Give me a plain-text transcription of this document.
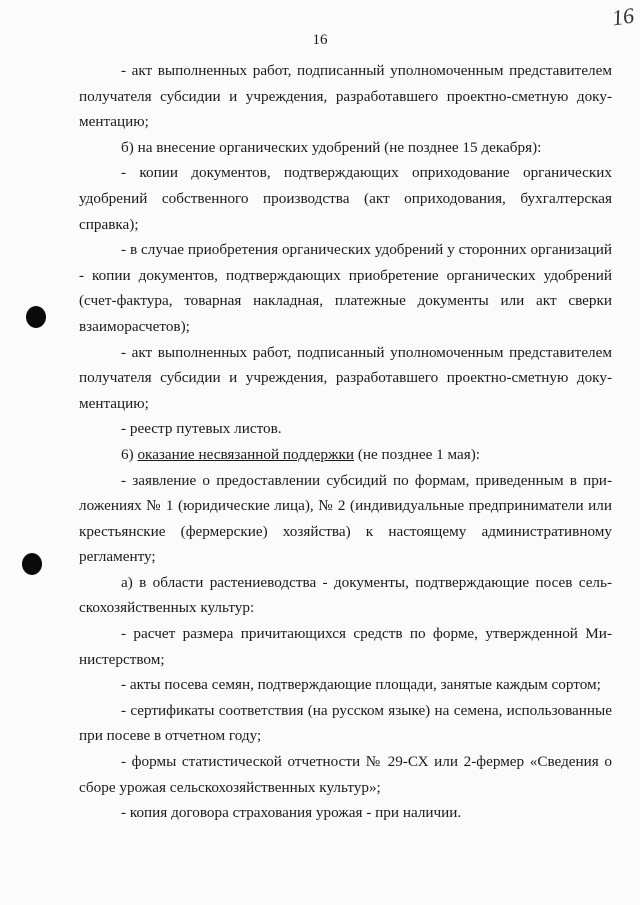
16
16

- акт выполненных работ, подписанный уполномоченным представителем получателя субсидии и учреждения, разработавшего проектно-сметную документацию;

б) на внесение органических удобрений (не позднее 15 декабря):

- копии документов, подтверждающих оприходование органических удобрений собственного производства (акт оприходования, бухгалтерская справка);

- в случае приобретения органических удобрений у сторонних организаций - копии документов, подтверждающих приобретение органических удобрений (счет-фактура, товарная накладная, платежные документы или акт сверки взаиморасчетов);

- акт выполненных работ, подписанный уполномоченным представителем получателя субсидии и учреждения, разработавшего проектно-сметную документацию;

- реестр путевых листов.

6) оказание несвязанной поддержки (не позднее 1 мая):

- заявление о предоставлении субсидий по формам, приведенным в приложениях № 1 (юридические лица), № 2 (индивидуальные предприниматели или крестьянские (фермерские) хозяйства) к настоящему административному регламенту;

а) в области растениеводства - документы, подтверждающие посев сельскохозяйственных культур:

- расчет размера причитающихся средств по форме, утвержденной Министерством;

- акты посева семян, подтверждающие площади, занятые каждым сортом;

- сертификаты соответствия (на русском языке) на семена, использованные при посеве в отчетном году;

- формы статистической отчетности № 29-СХ или 2-фермер «Сведения о сборе урожая сельскохозяйственных культур»;

- копия договора страхования урожая - при наличии.
